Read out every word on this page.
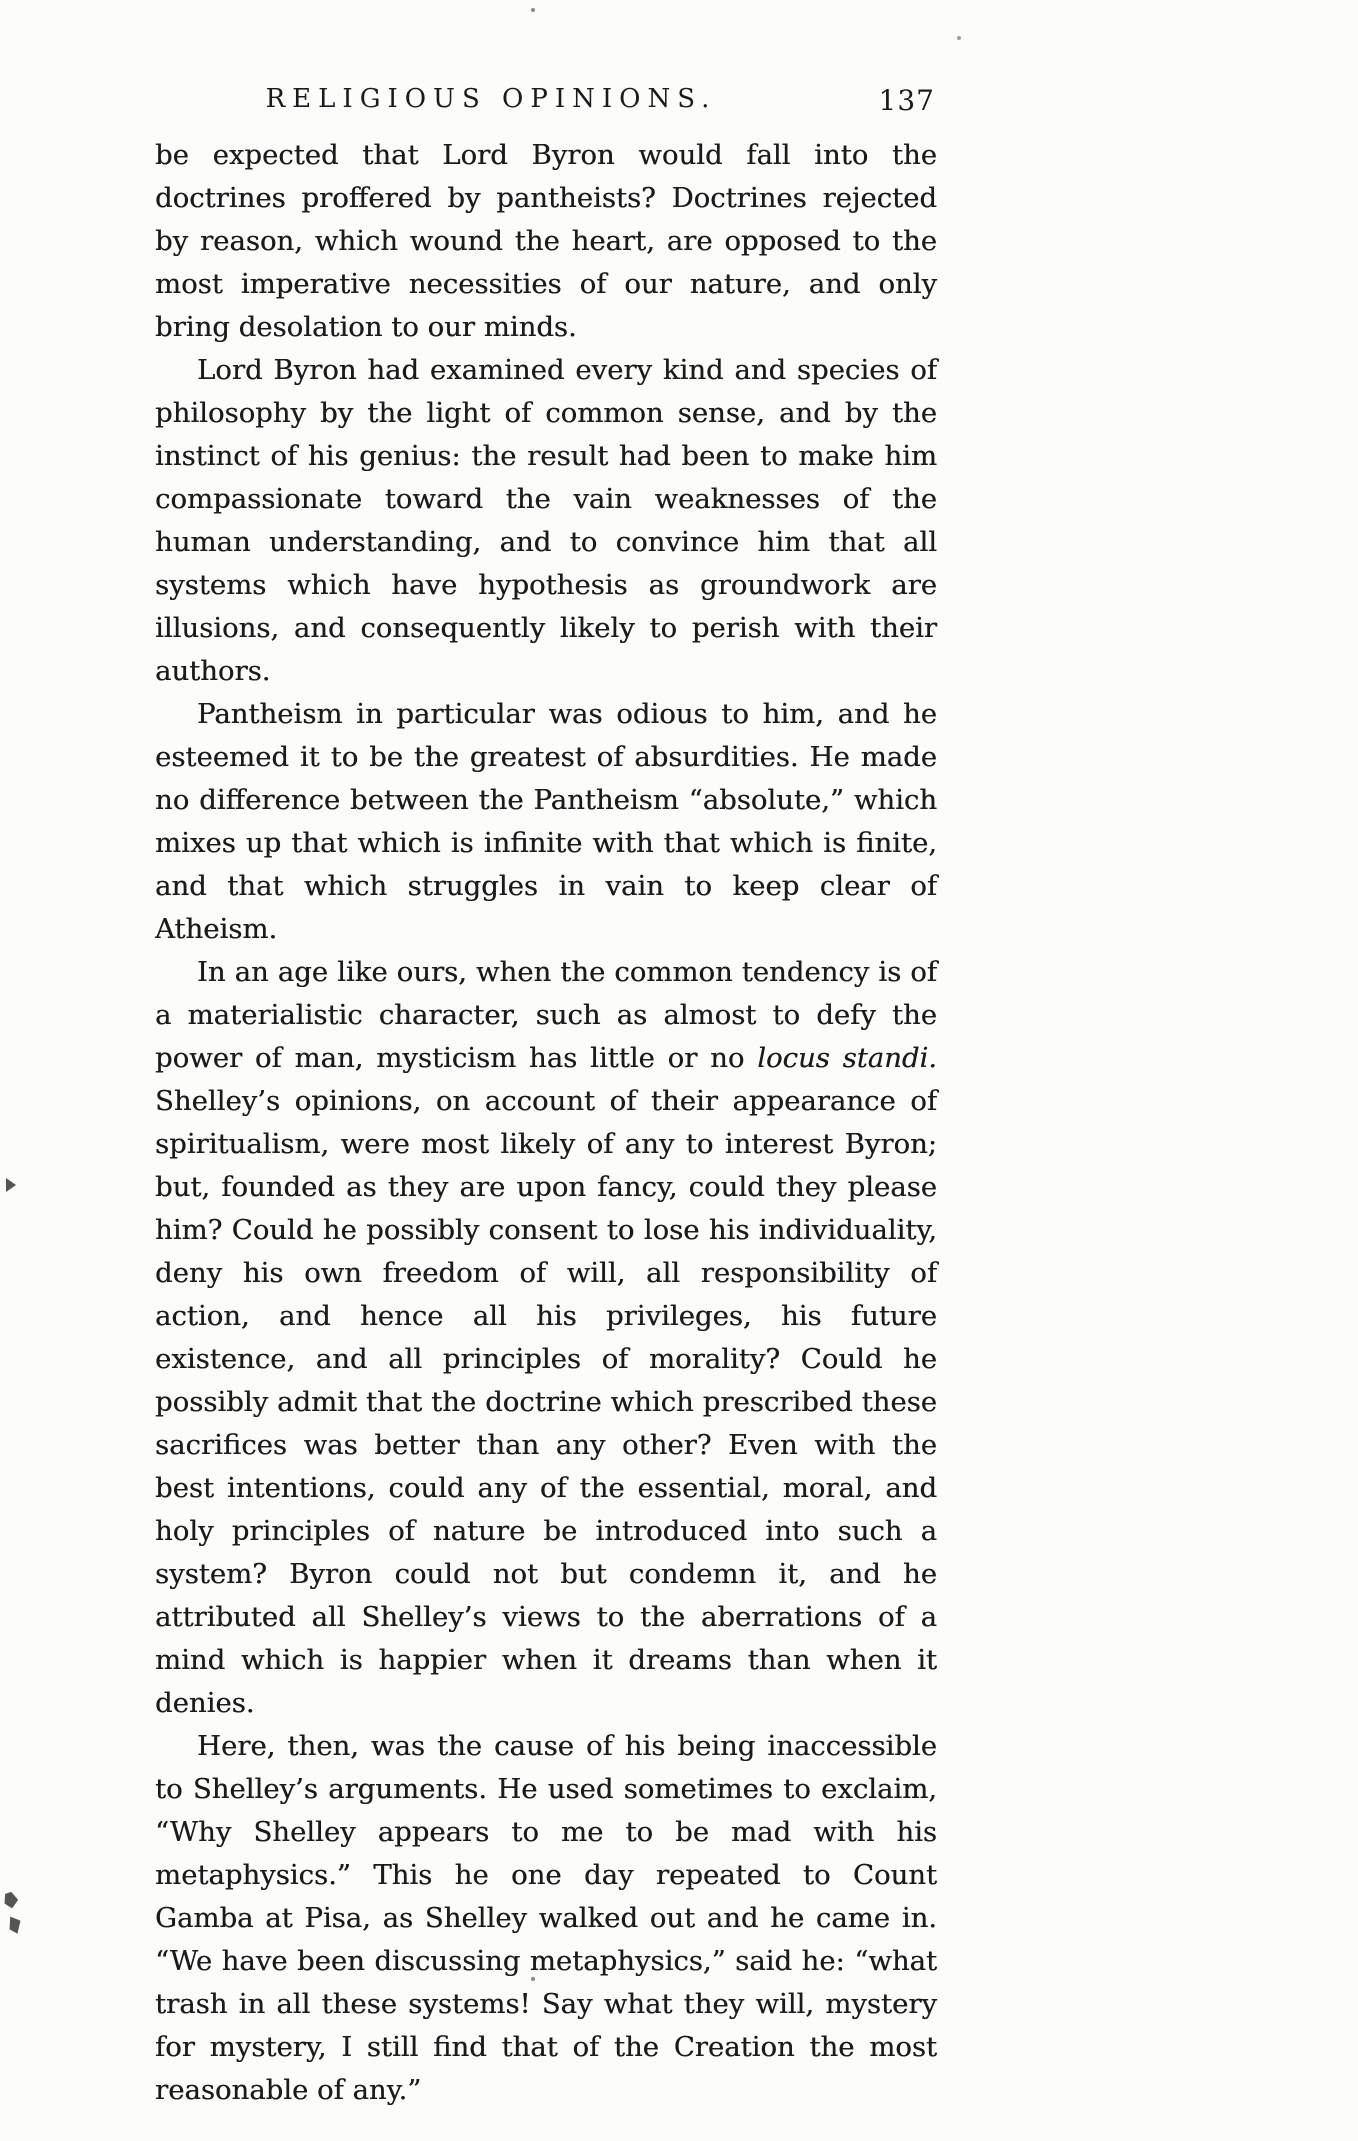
RELIGIOUS OPINIONS.	137

be expected that Lord Byron would fall into the doctrines proffered by pantheists? Doctrines rejected by reason, which wound the heart, are opposed to the most imperative necessities of our nature, and only bring desolation to our minds.

Lord Byron had examined every kind and species of philosophy by the light of common sense, and by the instinct of his genius: the result had been to make him compassionate toward the vain weaknesses of the human understanding, and to convince him that all systems which have hypothesis as groundwork are illusions, and consequently likely to perish with their authors.

Pantheism in particular was odious to him, and he esteemed it to be the greatest of absurdities. He made no difference between the Pantheism “absolute,” which mixes up that which is infinite with that which is finite, and that which struggles in vain to keep clear of Atheism.

In an age like ours, when the common tendency is of a materialistic character, such as almost to defy the power of man, mysticism has little or no locus standi. Shelley’s opinions, on account of their appearance of spiritualism, were most likely of any to interest Byron; but, founded as they are upon fancy, could they please him? Could he possibly consent to lose his individuality, deny his own freedom of will, all responsibility of action, and hence all his privileges, his future existence, and all principles of morality? Could he possibly admit that the doctrine which prescribed these sacrifices was better than any other? Even with the best intentions, could any of the essential, moral, and holy principles of nature be introduced into such a system? Byron could not but condemn it, and he attributed all Shelley’s views to the aberrations of a mind which is happier when it dreams than when it denies.

Here, then, was the cause of his being inaccessible to Shelley’s arguments. He used sometimes to exclaim, “Why Shelley appears to me to be mad with his metaphysics.” This he one day repeated to Count Gamba at Pisa, as Shelley walked out and he came in. “We have been discussing metaphysics,” said he: “what trash in all these systems! Say what they will, mystery for mystery, I still find that of the Creation the most reasonable of any.”
